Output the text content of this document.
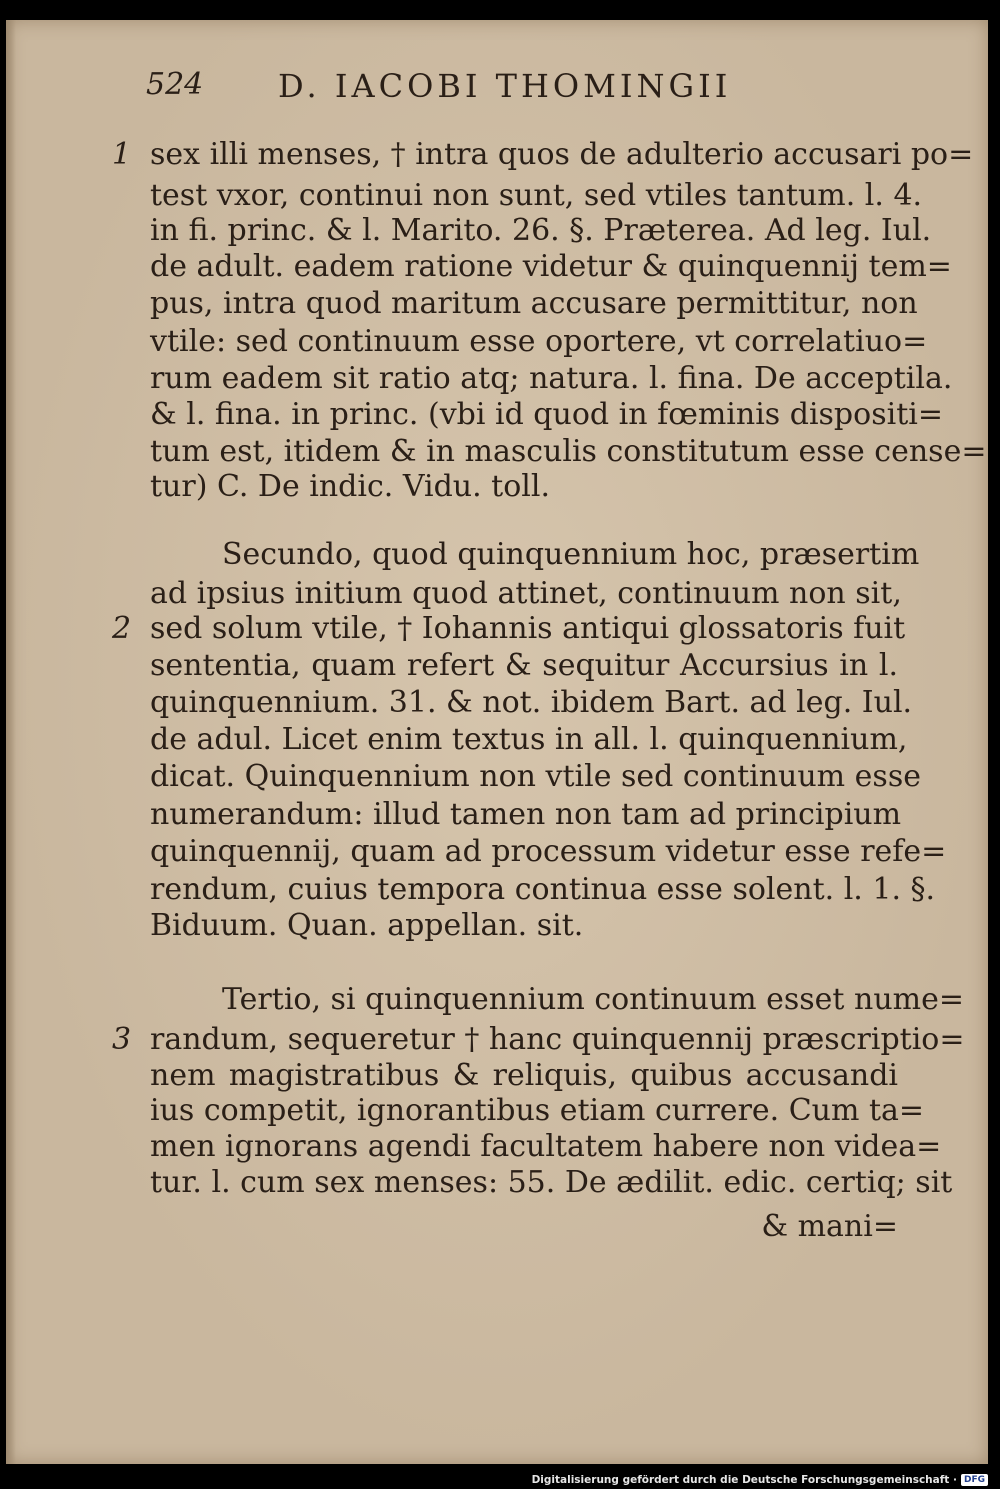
524 D. IACOBI THOMINGII
1
2
3
sex illi menses, † intra quos de adulterio accusari po=
test vxor, continui non sunt, sed vtiles tantum. l. 4.
in fi. princ. & l. Marito. 26. §. Præterea. Ad leg. Iul.
de adult. eadem ratione videtur & quinquennij tem=
pus, intra quod maritum accusare permittitur, non
vtile: sed continuum esse oportere, vt correlatiuo=
rum eadem sit ratio atq; natura. l. fina. De acceptila.
& l. fina. in princ. (vbi id quod in fœminis dispositi=
tum est, itidem & in masculis constitutum esse cense=
tur) C. De indic. Vidu. toll.
Secundo, quod quinquennium hoc, præsertim
ad ipsius initium quod attinet, continuum non sit,
sed solum vtile, † Iohannis antiqui glossatoris fuit
sententia, quam refert & sequitur Accursius in l.
quinquennium. 31. & not. ibidem Bart. ad leg. Iul.
de adul. Licet enim textus in all. l. quinquennium,
dicat. Quinquennium non vtile sed continuum esse
numerandum: illud tamen non tam ad principium
quinquennij, quam ad processum videtur esse refe=
rendum, cuius tempora continua esse solent. l. 1. §.
Biduum. Quan. appellan. sit.
Tertio, si quinquennium continuum esset nume=
randum, sequeretur † hanc quinquennij præscriptio=
nem magistratibus & reliquis, quibus accusandi
ius competit, ignorantibus etiam currere. Cum ta=
men ignorans agendi facultatem habere non videa=
tur. l. cum sex menses: 55. De ædilit. edic. certiq; sit
& mani=
Digitalisierung gefördert durch die Deutsche Forschungsgemeinschaft · DFG
